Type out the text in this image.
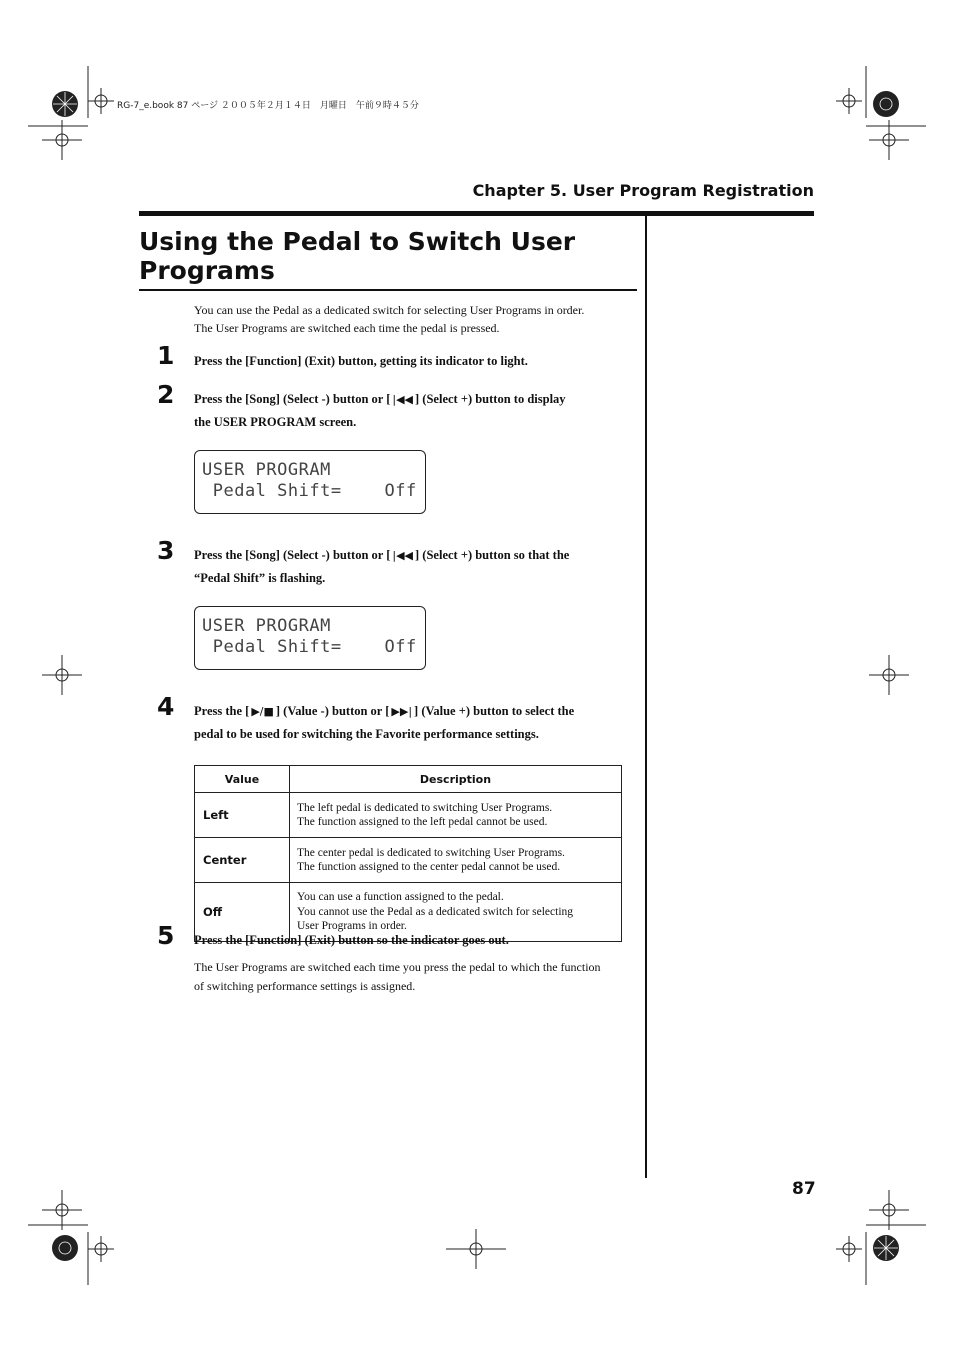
RG-7_e.book 87 ページ ２００５年２月１４日　月曜日　午前９時４５分
Chapter 5. User Program Registration
Using the Pedal to Switch User Programs
You can use the Pedal as a dedicated switch for selecting User Programs in order.
The User Programs are switched each time the pedal is pressed.
1 Press the [Function] (Exit) button, getting its indicator to light.
2 Press the [Song] (Select -) button or [ |◀◀ ] (Select +) button to display
the USER PROGRAM screen.
USER PROGRAM
Pedal Shift=    Off
3 Press the [Song] (Select -) button or [ |◀◀ ] (Select +) button so that the
“Pedal Shift” is flashing.
USER PROGRAM
Pedal Shift=    Off
4 Press the [ ▶/■ ] (Value -) button or [ ▶▶| ] (Value +) button to select the
pedal to be used for switching the Favorite performance settings.
Value	Description
Left	The left pedal is dedicated to switching User Programs.
The function assigned to the left pedal cannot be used.

Center	The center pedal is dedicated to switching User Programs.
The function assigned to the center pedal cannot be used.

Off	You can use a function assigned to the pedal.
You cannot use the Pedal as a dedicated switch for selecting
User Programs in order.
5 Press the [Function] (Exit) button so the indicator goes out.
The User Programs are switched each time you press the pedal to which the function
of switching performance settings is assigned.
87
